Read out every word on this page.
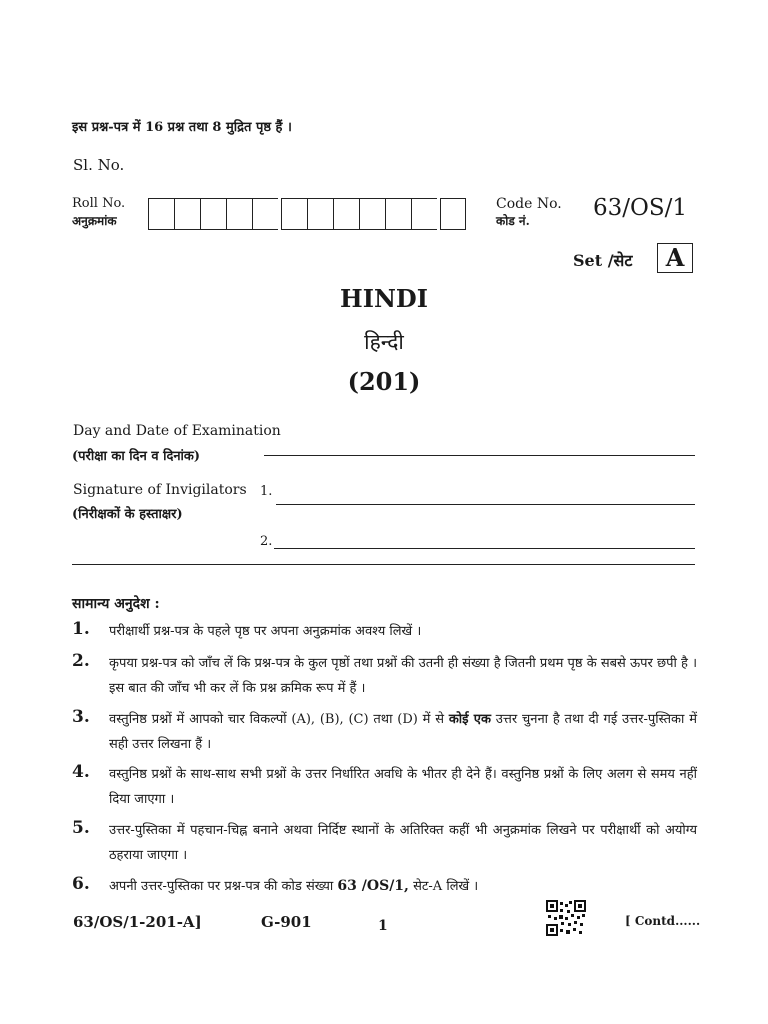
इस प्रश्न-पत्र में 16 प्रश्न तथा 8 मुद्रित पृष्ठ हैं ।
Sl. No.
Roll No.
अनुक्रमांक
Code No.
कोड नं.	63/OS/1
Set /सेट	A
HINDI
हिन्दी
(201)
Day and Date of Examination
(परीक्षा का दिन व दिनांक)
Signature of Invigilators
(निरीक्षकों के हस्ताक्षर)
1.
2.
सामान्य अनुदेश :
1. परीक्षार्थी प्रश्न-पत्र के पहले पृष्ठ पर अपना अनुक्रमांक अवश्य लिखें ।
2. कृपया प्रश्न-पत्र को जाँच लें कि प्रश्न-पत्र के कुल पृष्ठों तथा प्रश्नों की उतनी ही संख्या है जितनी प्रथम पृष्ठ के सबसे ऊपर छपी है । इस बात की जाँच भी कर लें कि प्रश्न क्रमिक रूप में हैं ।
3. वस्तुनिष्ठ प्रश्नों में आपको चार विकल्पों (A), (B), (C) तथा (D) में से कोई एक उत्तर चुनना है तथा दी गई उत्तर-पुस्तिका में सही उत्तर लिखना हैं ।
4. वस्तुनिष्ठ प्रश्नों के साथ-साथ सभी प्रश्नों के उत्तर निर्धारित अवधि के भीतर ही देने हैं। वस्तुनिष्ठ प्रश्नों के लिए अलग से समय नहीं दिया जाएगा ।
5. उत्तर-पुस्तिका में पहचान-चिह्न बनाने अथवा निर्दिष्ट स्थानों के अतिरिक्त कहीं भी अनुक्रमांक लिखने पर परीक्षार्थी को अयोग्य ठहराया जाएगा ।
6. अपनी उत्तर-पुस्तिका पर प्रश्न-पत्र की कोड संख्या 63 /OS/1, सेट-A लिखें ।
63/OS/1-201-A]	G-901	1	[ Contd......
